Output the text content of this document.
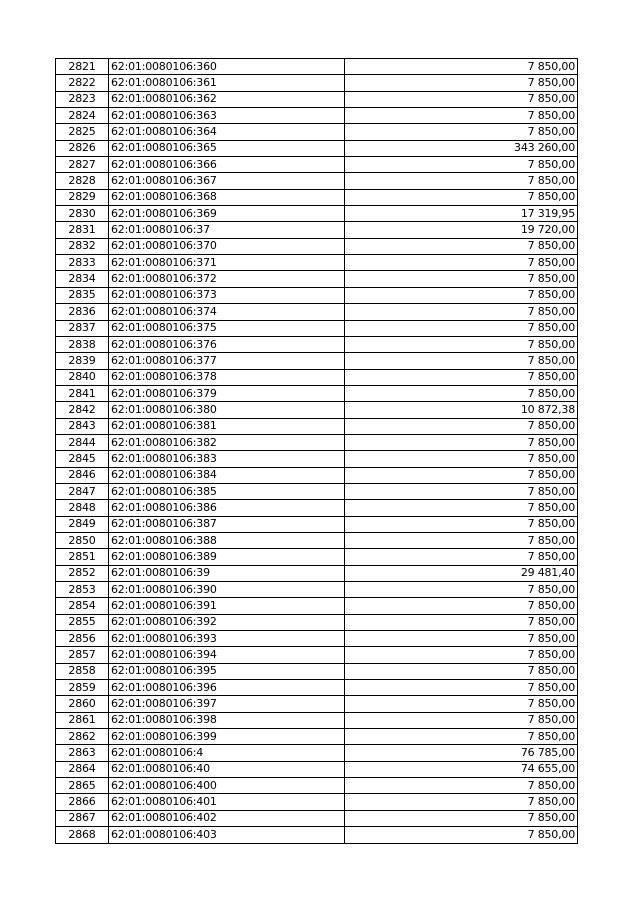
2821	62:01:0080106:360	7 850,00
2822	62:01:0080106:361	7 850,00
2823	62:01:0080106:362	7 850,00
2824	62:01:0080106:363	7 850,00
2825	62:01:0080106:364	7 850,00
2826	62:01:0080106:365	343 260,00
2827	62:01:0080106:366	7 850,00
2828	62:01:0080106:367	7 850,00
2829	62:01:0080106:368	7 850,00
2830	62:01:0080106:369	17 319,95
2831	62:01:0080106:37	19 720,00
2832	62:01:0080106:370	7 850,00
2833	62:01:0080106:371	7 850,00
2834	62:01:0080106:372	7 850,00
2835	62:01:0080106:373	7 850,00
2836	62:01:0080106:374	7 850,00
2837	62:01:0080106:375	7 850,00
2838	62:01:0080106:376	7 850,00
2839	62:01:0080106:377	7 850,00
2840	62:01:0080106:378	7 850,00
2841	62:01:0080106:379	7 850,00
2842	62:01:0080106:380	10 872,38
2843	62:01:0080106:381	7 850,00
2844	62:01:0080106:382	7 850,00
2845	62:01:0080106:383	7 850,00
2846	62:01:0080106:384	7 850,00
2847	62:01:0080106:385	7 850,00
2848	62:01:0080106:386	7 850,00
2849	62:01:0080106:387	7 850,00
2850	62:01:0080106:388	7 850,00
2851	62:01:0080106:389	7 850,00
2852	62:01:0080106:39	29 481,40
2853	62:01:0080106:390	7 850,00
2854	62:01:0080106:391	7 850,00
2855	62:01:0080106:392	7 850,00
2856	62:01:0080106:393	7 850,00
2857	62:01:0080106:394	7 850,00
2858	62:01:0080106:395	7 850,00
2859	62:01:0080106:396	7 850,00
2860	62:01:0080106:397	7 850,00
2861	62:01:0080106:398	7 850,00
2862	62:01:0080106:399	7 850,00
2863	62:01:0080106:4	76 785,00
2864	62:01:0080106:40	74 655,00
2865	62:01:0080106:400	7 850,00
2866	62:01:0080106:401	7 850,00
2867	62:01:0080106:402	7 850,00
2868	62:01:0080106:403	7 850,00
